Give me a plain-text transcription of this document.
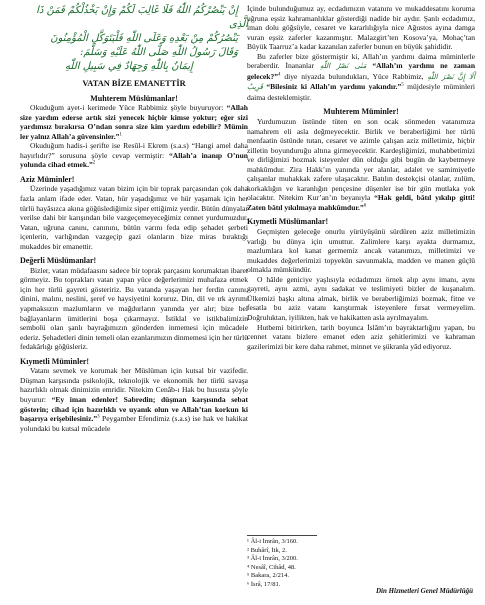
إِنْ يَنْصُرْكُمُ اللّٰهُ فَلَا غَالِبَ لَكُمْ وَإِنْ يَخْذُلْكُمْ فَمَنْ ذَا الَّذِى

يَنْصُرُكُمْ مِنْ بَعْدِهِ وَعَلَى اللّٰهِ فَلْيَتَوَكَّلِ الْمُؤْمِنُونَ

وَقَالَ رَسُولُ اللّٰهِ صَلَّى اللّٰهُ عَلَيْهِ وَسَلَّمَ:

إِيمَانٌ بِاللّٰهِ وَجِهَادٌ فِي سَبِيلِ اللّٰهِ

VATAN BİZE EMANETTİR
Muhterem Müslümanlar!

Okuduğum ayet-i kerimede Yüce Rabbimiz şöyle buyuruyor: “Allah size yardım ederse artık sizi yenecek hiçbir kimse yoktur; eğer sizi yardımsız bırakırsa O’ndan sonra size kim yardım edebilir? Mümin ler yalnız Allah’a güvensinler.”$^1$

Okuduğum hadis-i şerifte ise Resûl-i Ekrem (s.a.s) “Hangi amel daha hayırlıdır?” sorusuna şöyle cevap vermiştir: “Allah’a inanıp O’nun yolunda cihad etmek.”$^2$

Aziz Müminler!

Üzerinde yaşadığımız vatan bizim için bir toprak parçasından çok daha fazla anlam ifade eder. Vatan, hür yaşadığımız ve hür yaşamak için her türlü hayâsızca akına göğüslediğimiz siper ettiğimiz yerdir. Bütün dünyalar verilse dahi bir karışından bile vazgeçemeyeceğimiz cennet yurdumuzdur. Vatan, uğruna canını, canınını, bütün varını feda edip şehadet şerbeti içenlerin, varlığından vazgeçip gazi olanların bize miras bıraktığı mukaddes bir emanettir.

Değerli Müslümanlar!

Bizler, vatan müdafaasını sadece bir toprak parçasını korumaktan ibaret görmeyiz. Bu toprakları vatan yapan yüce değerlerimizi muhafaza etmek için her türlü gayreti gösteririz. Bu vatanda yaşayan her ferdin canını, dinini, malını, neslini, şeref ve haysiyetini koruruz. Din, dil ve ırk ayrımı yapmaksızın mazlumların ve mağdurların yanında yer alır; bize bel bağlayanların ümitlerini boşa çıkarmayız. İstiklal ve istikbalimizin sembolü olan şanlı bayrağımızın gönderden inmemesi için mücadele ederiz. Şehadetleri dinin temeli olan ezanlarımızın dinmemesi için her türlü fedakârlığı göğüsleriz.

Kıymetli Müminler!

Vatanı sevmek ve korumak her Müslüman için kutsal bir vazifedir. Düşman karşısında psikolojik, teknolojik ve ekonomik her türlü savaşa hazırlıklı olmak dinimizin emridir. Nitekim Cenâb-ı Hak bu hususta şöyle buyurur: “Ey iman edenler! Sabredin; düşman karşısında sebat gösterin; cihad için hazırlıklı ve uyanık olun ve Allah’tan korkun ki başarıya erişebilesiniz.”$^3$ Peygamber Efendimiz (s.a.s) ise hak ve hakikat yolundaki bu kutsal mücadele

İçinde bulunduğumuz ay, ecdadımızın vatanını ve mukaddesatını koruma uğruna eşsiz kahramanlıklar gösterdiği nadide bir aydır. Şanlı ecdadımız, iman dolu göğsüyle, cesaret ve kararlılığıyla nice Ağustos ayına damga vuran eşsiz zaferler kazanmıştır. Malazgirt’ten Kosova’ya, Mohaç’tan Büyük Taarruz’a kadar kazanılan zaferler bunun en büyük şahididir.

Bu zaferler bize göstermiştir ki, Allah’ın yardımı daima müminlerle beraberdir. İnananlar مَتٰى نَصْرُ اللّٰهِ “Allah’ın yardımı ne zaman gelecek?”$^4$ diye niyazda bulundukları, Yüce Rabbimiz, أَلَا إِنَّ نَصْرَ اللّٰهِ قَرِيبٌ “Bilesiniz ki Allah’ın yardımı yakındır.”$^5$ müjdesiyle müminleri daima desteklemiştir.

Muhterem Müminler!

Yurdumuzun üstünde tüten en son ocak sönmeden vatanımıza namahrem eli asla değmeyecektir. Birlik ve beraberliğimi her türlü menfaatin üstünde tutan, cesaret ve azimle çalışan aziz milletimiz, hiçbir zilletin boyunduruğu altına girmeyecektir. Kardeşliğimizi, muhabbetimizi ve dirliğimizi bozmak isteyenler dün olduğu gibi bugün de kaybetmeye mahkûmdur. Zira Hakk’ın yanında yer alanlar, adalet ve samimiyetle çalışanlar muhakkak zafere ulaşacaktır. Batılın destekçisi olanlar, zulüm, korkaklığın ve karanlığın pençesine düşenler ise bir gün mutlaka yok olacaktır. Nitekim Kur’an’ın beyanıyla “Hak geldi, bâtıl yıkılıp gitti! Zaten bâtıl yıkılmaya mahkûmdur.”$^6$

Kıymetli Müslümanlar!

Geçmişten geleceğe onurlu yürüyüşünü sürdüren aziz milletimizin varlığı bu dünya için umuttur. Zalimlere karşı ayakta durmamız, mazlumlara kol kanat germemiz ancak vatanımızı, milletimizi ve mukaddes değerlerimizi topyekûn savunmakla, madden ve manen güçlü olmakla mümkündür.

O hâlde geniciye yaşlısıyla ecdadımızı örnek alıp aynı imanı, aynı gayreti, aynı azmi, aynı sadakat ve teslimiyeti bizler de kuşanalım. Ülkemizi başkı altına almak, birlik ve beraberliğimizi bozmak, fitne ve fesatla bu aziz vatanı karıştırmak isteyenlere fırsat vermeyelim. Doğruluktan, iyilikten, hak ve hakikatten asla ayrılmayalım.

Hutbemi bitirirken, tarih boyunca İslâm’ın bayraktarlığını yapan, bu cennet vatanı bizlere emanet eden aziz şehitlerimizi ve kahraman gazilerimizi bir kere daha rahmet, minnet ve şükranla yâd ediyoruz.

¹ Âl-i İmrân, 3/160.
² Buhârî, İtk, 2.
³ Âl-i İmrân, 3/200.
⁴ Nesâî, Cihâd, 48.
⁵ Bakara, 2/214.
⁶ İsrâ, 17/81.
Din Hizmetleri Genel Müdürlüğü
